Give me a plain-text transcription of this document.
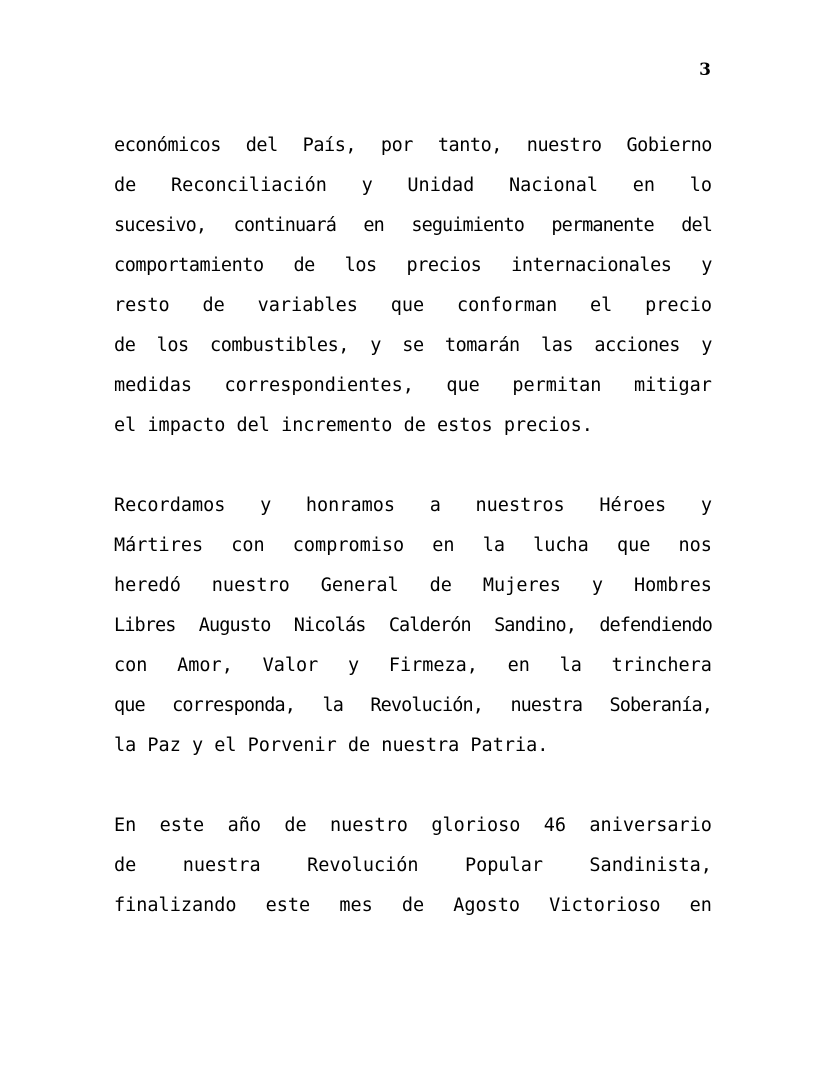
3
económicos del País, por tanto, nuestro Gobierno
de Reconciliación y Unidad Nacional en lo
sucesivo, continuará en seguimiento permanente del
comportamiento de los precios internacionales y
resto de variables que conforman el precio
de los combustibles, y se tomarán las acciones y
medidas correspondientes, que permitan mitigar
el impacto del incremento de estos precios.
Recordamos y honramos a nuestros Héroes y
Mártires con compromiso en la lucha que nos
heredó nuestro General de Mujeres y Hombres
Libres Augusto Nicolás Calderón Sandino, defendiendo
con Amor, Valor y Firmeza, en la trinchera
que corresponda, la Revolución, nuestra Soberanía,
la Paz y el Porvenir de nuestra Patria.
En este año de nuestro glorioso 46 aniversario
de	nuestra	Revolución	Popular	Sandinista,
finalizando este mes de Agosto Victorioso en
